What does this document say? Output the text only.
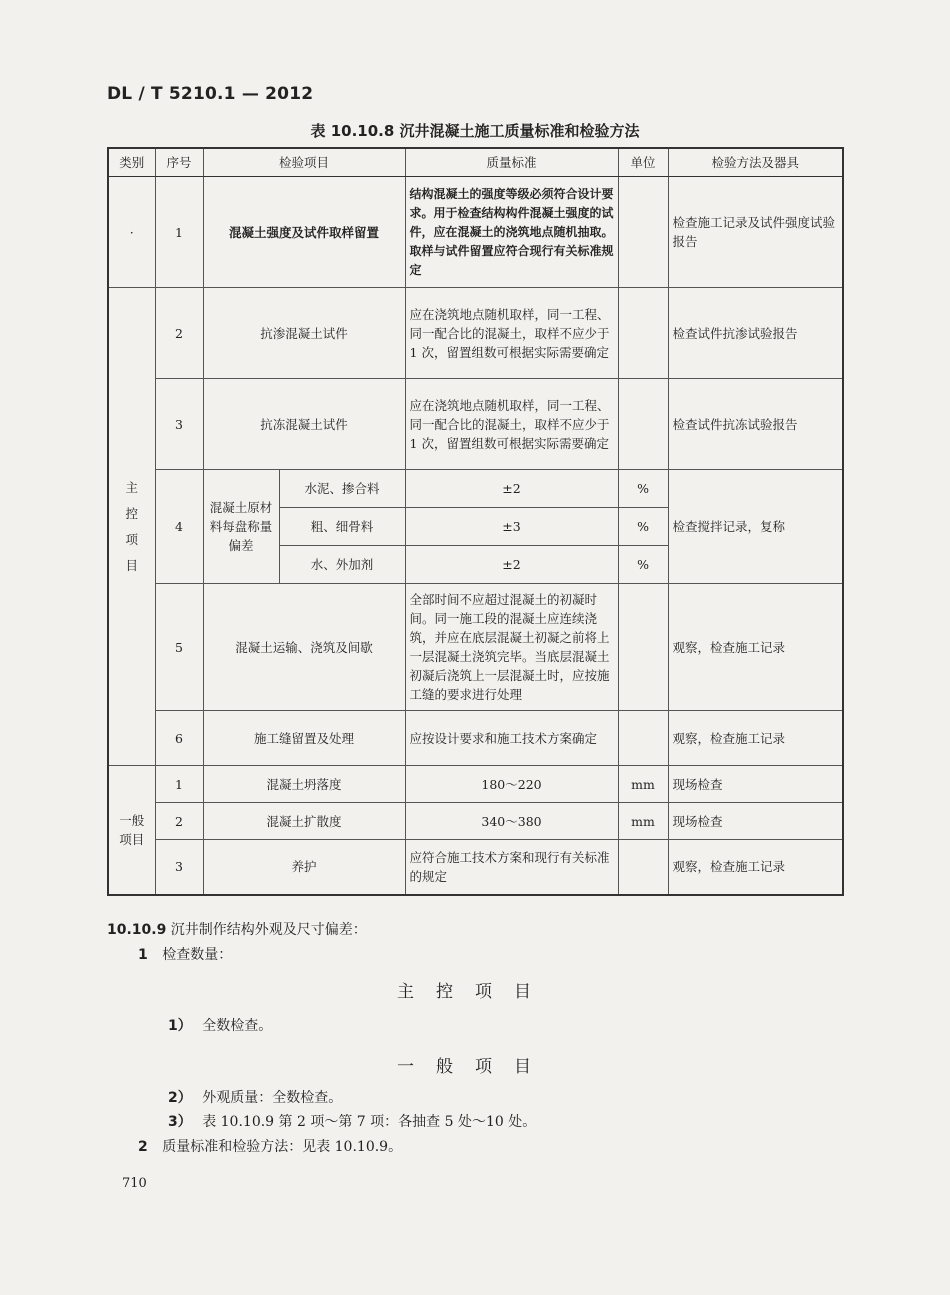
DL / T 5210.1 — 2012
表 10.10.8 沉井混凝土施工质量标准和检验方法
类别	序号	检验项目		质量标准	单位	检验方法及器具
·	1	混凝土强度及试件取样留置		结构混凝土的强度等级必须符合设计要求。用于检查结构构件混凝土强度的试件，应在混凝土的浇筑地点随机抽取。取样与试件留置应符合现行有关标准规定		检查施工记录及试件强度试验报告

主
控
项
目	2	抗渗混凝土试件		应在浇筑地点随机取样，同一工程、同一配合比的混凝土，取样不应少于 1 次，留置组数可根据实际需要确定		检查试件抗渗试验报告
	3	抗冻混凝土试件		应在浇筑地点随机取样，同一工程、同一配合比的混凝土，取样不应少于 1 次，留置组数可根据实际需要确定		检查试件抗冻试验报告
	4	混凝土原材料每盘称量偏差	水泥、掺合料	±2	%	检查搅拌记录，复称
			粗、细骨料	±3	%	
			水、外加剂	±2	%	
	5	混凝土运输、浇筑及间歇		全部时间不应超过混凝土的初凝时间。同一施工段的混凝土应连续浇筑，并应在底层混凝土初凝之前将上一层混凝土浇筑完毕。当底层混凝土初凝后浇筑上一层混凝土时，应按施工缝的要求进行处理		观察，检查施工记录
	6	施工缝留置及处理		应按设计要求和施工技术方案确定		观察，检查施工记录

一般
项目	1	混凝土坍落度		180～220	mm	现场检查
	2	混凝土扩散度		340～380	mm	现场检查
	3	养护		应符合施工技术方案和现行有关标准的规定		观察，检查施工记录
10.10.9 沉井制作结构外观及尺寸偏差：
1 检查数量：
主控项目
1） 全数检查。
一般项目
2） 外观质量：全数检查。
3） 表 10.10.9 第 2 项～第 7 项：各抽查 5 处～10 处。
2 质量标准和检验方法：见表 10.10.9。
710
